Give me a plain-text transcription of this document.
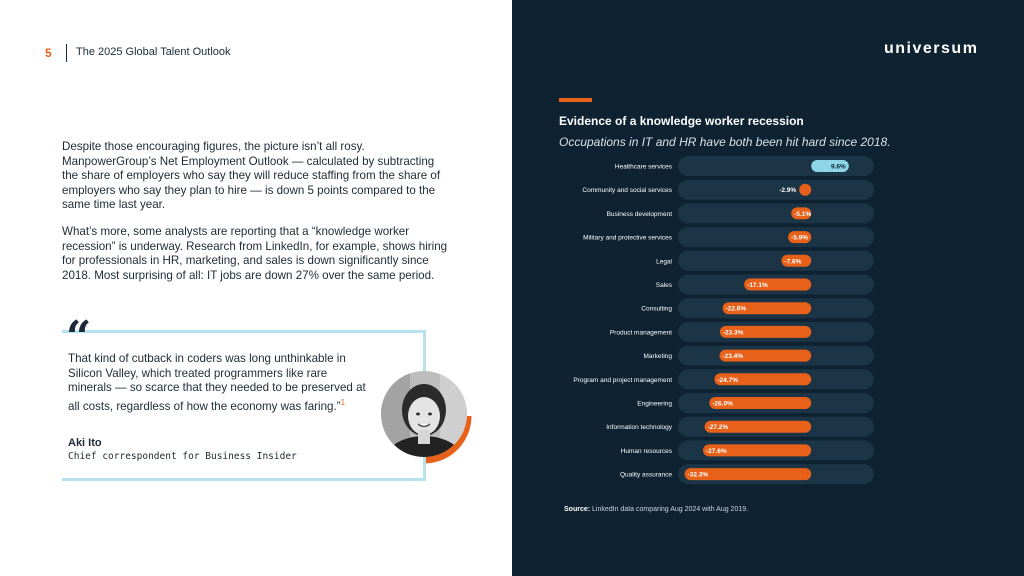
5 The 2025 Global Talent Outlook

Despite those encouraging figures, the picture isn’t all rosy. ManpowerGroup’s Net Employment Outlook — calculated by subtracting the share of employers who say they will reduce staffing from the share of employers who say they plan to hire — is down 5 points compared to the same time last year.

What’s more, some analysts are reporting that a “knowledge worker recession” is underway. Research from LinkedIn, for example, shows hiring for professionals in HR, marketing, and sales is down significantly since 2018. Most surprising of all: IT jobs are down 27% over the same period.

“

That kind of cutback in coders was long unthinkable in Silicon Valley, which treated programmers like rare minerals — so scarce that they needed to be preserved at all costs, regardless of how the economy was faring.”$^1$

Aki Ito
Chief correspondent for Business Insider
universum
Evidence of a knowledge worker recession
Occupations in IT and HR have both been hit hard since 2018.
Healthcare services	9.6%
Community and social services	-2.9%
Business development	-5.1%
Military and protective services	-5.9%
Legal	-7.6%
Sales	-17.1%
Consulting	-22.6%
Product management	-23.3%
Marketing	-23.4%
Program and project management	-24.7%
Engineering	-26.0%
Information technology	-27.2%
Human resources	-27.6%
Quality assurance -32.3%
Source: LinkedIn data comparing Aug 2024 with Aug 2019.
